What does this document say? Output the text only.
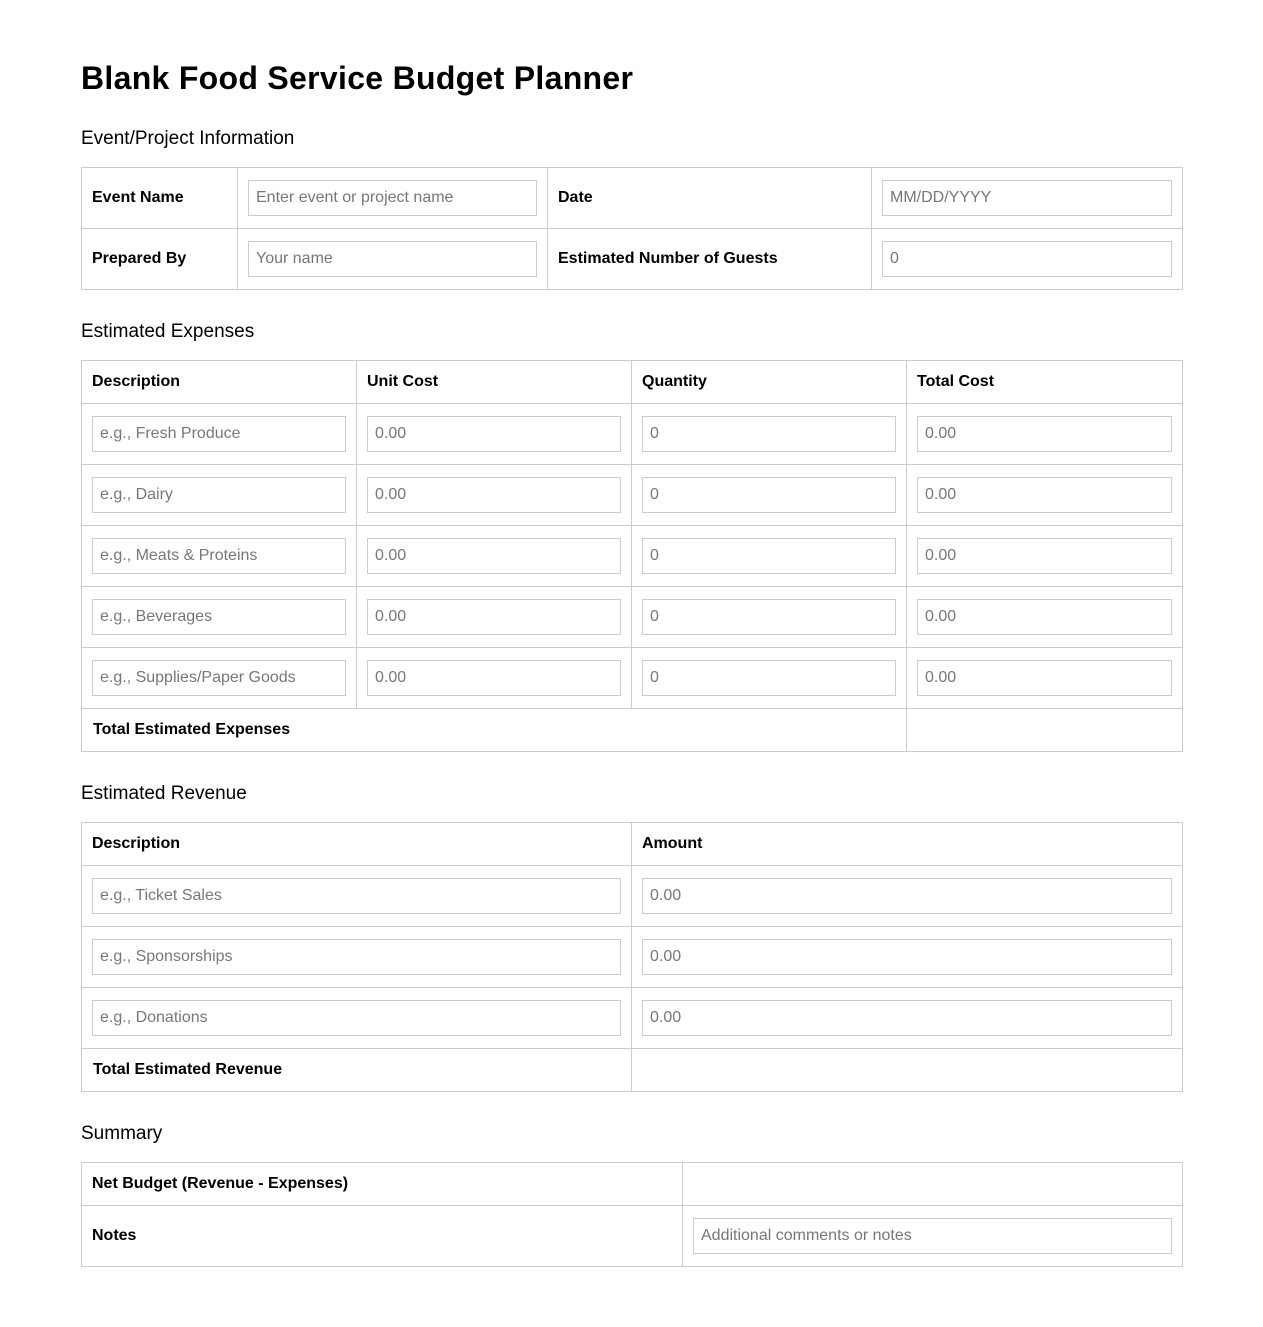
Blank Food Service Budget Planner
Event/Project Information
Event Name	Enter event or project name	Date	MM/DD/YYYY
Prepared By	Your name	Estimated Number of Guests	0
Estimated Expenses
Description	Unit Cost	Quantity	Total Cost
e.g., Fresh Produce	0.00	0	0.00
e.g., Dairy	0.00	0	0.00
e.g., Meats & Proteins	0.00	0	0.00
e.g., Beverages	0.00	0	0.00
e.g., Supplies/Paper Goods	0.00	0	0.00
Total Estimated Expenses			
Estimated Revenue
Description	Amount
e.g., Ticket Sales	0.00
e.g., Sponsorships	0.00
e.g., Donations	0.00
Total Estimated Revenue	
Summary
Net Budget (Revenue - Expenses)	
Notes	Additional comments or notes
